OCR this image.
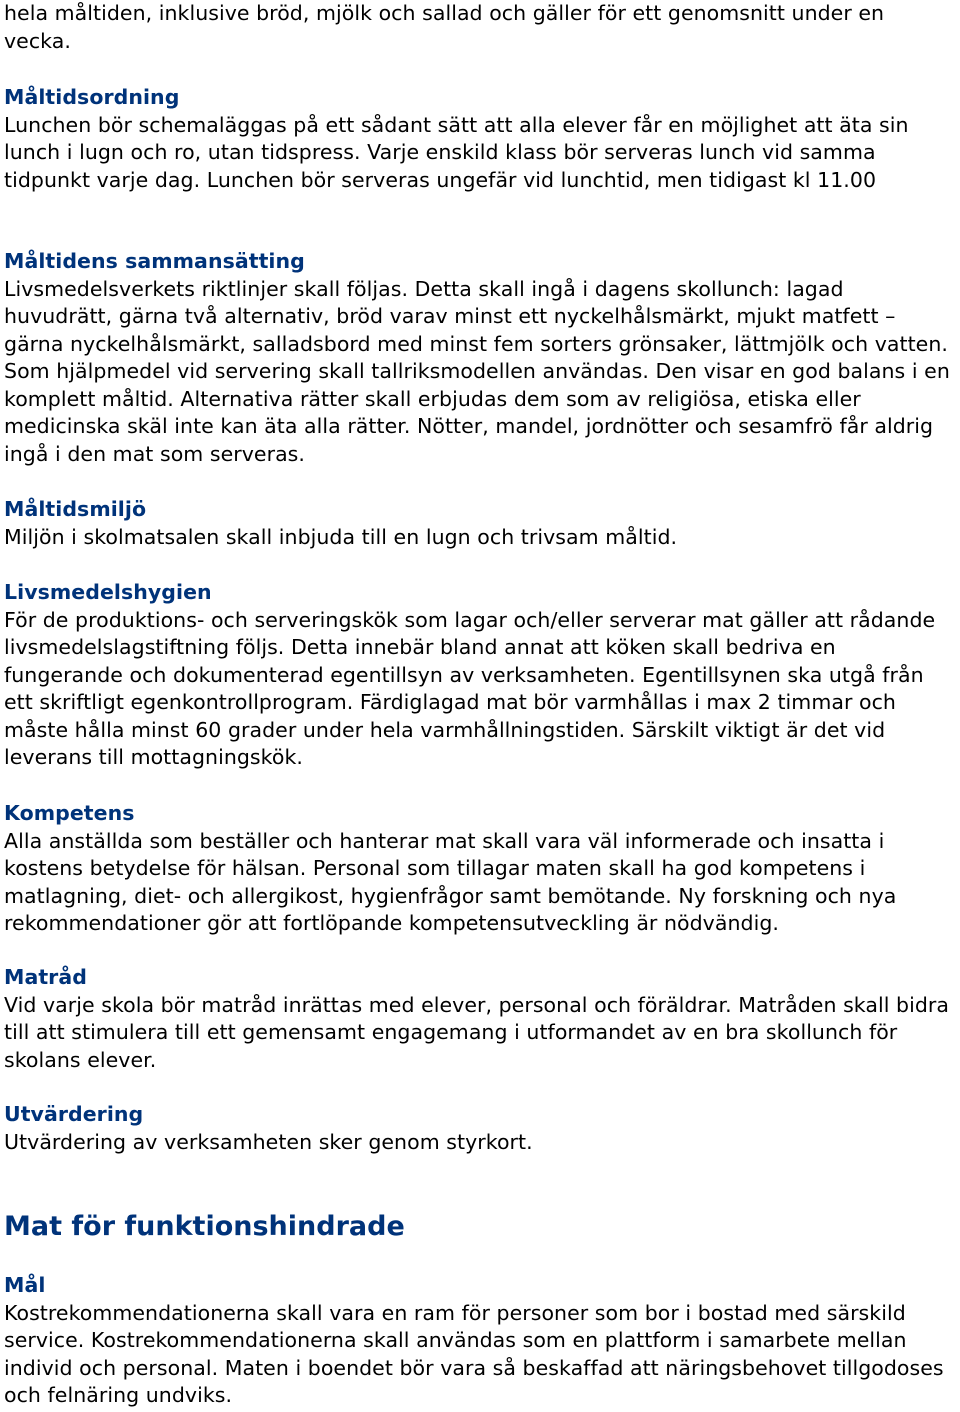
hela måltiden, inklusive bröd, mjölk och sallad och gäller för ett genomsnitt under en vecka.

Måltidsordning
Lunchen bör schemaläggas på ett sådant sätt att alla elever får en möjlighet att äta sin lunch i lugn och ro, utan tidspress. Varje enskild klass bör serveras lunch vid samma tidpunkt varje dag. Lunchen bör serveras ungefär vid lunchtid, men tidigast kl 11.00

Måltidens sammansätting
Livsmedelsverkets riktlinjer skall följas. Detta skall ingå i dagens skollunch: lagad huvudrätt, gärna två alternativ, bröd varav minst ett nyckelhålsmärkt, mjukt matfett – gärna nyckelhålsmärkt, salladsbord med minst fem sorters grönsaker, lättmjölk och vatten. Som hjälpmedel vid servering skall tallriksmodellen användas. Den visar en god balans i en komplett måltid. Alternativa rätter skall erbjudas dem som av religiösa, etiska eller medicinska skäl inte kan äta alla rätter. Nötter, mandel, jordnötter och sesamfrö får aldrig ingå i den mat som serveras.

Måltidsmiljö
Miljön i skolmatsalen skall inbjuda till en lugn och trivsam måltid.

Livsmedelshygien
För de produktions- och serveringskök som lagar och/eller serverar mat gäller att rådande livsmedelslagstiftning följs. Detta innebär bland annat att köken skall bedriva en fungerande och dokumenterad egentillsyn av verksamheten. Egentillsynen ska utgå från ett skriftligt egenkontrollprogram. Färdiglagad mat bör varmhållas i max 2 timmar och måste hålla minst 60 grader under hela varmhållningstiden. Särskilt viktigt är det vid leverans till mottagningskök.

Kompetens
Alla anställda som beställer och hanterar mat skall vara väl informerade och insatta i kostens betydelse för hälsan. Personal som tillagar maten skall ha god kompetens i matlagning, diet- och allergikost, hygienfrågor samt bemötande. Ny forskning och nya rekommendationer gör att fortlöpande kompetensutveckling är nödvändig.

Matråd
Vid varje skola bör matråd inrättas med elever, personal och föräldrar. Matråden skall bidra till att stimulera till ett gemensamt engagemang i utformandet av en bra skollunch för skolans elever.

Utvärdering
Utvärdering av verksamheten sker genom styrkort.

Mat för funktionshindrade

Mål
Kostrekommendationerna skall vara en ram för personer som bor i bostad med särskild service. Kostrekommendationerna skall användas som en plattform i samarbete mellan individ och personal. Maten i boendet bör vara så beskaffad att näringsbehovet tillgodoses och felnäring undviks.
